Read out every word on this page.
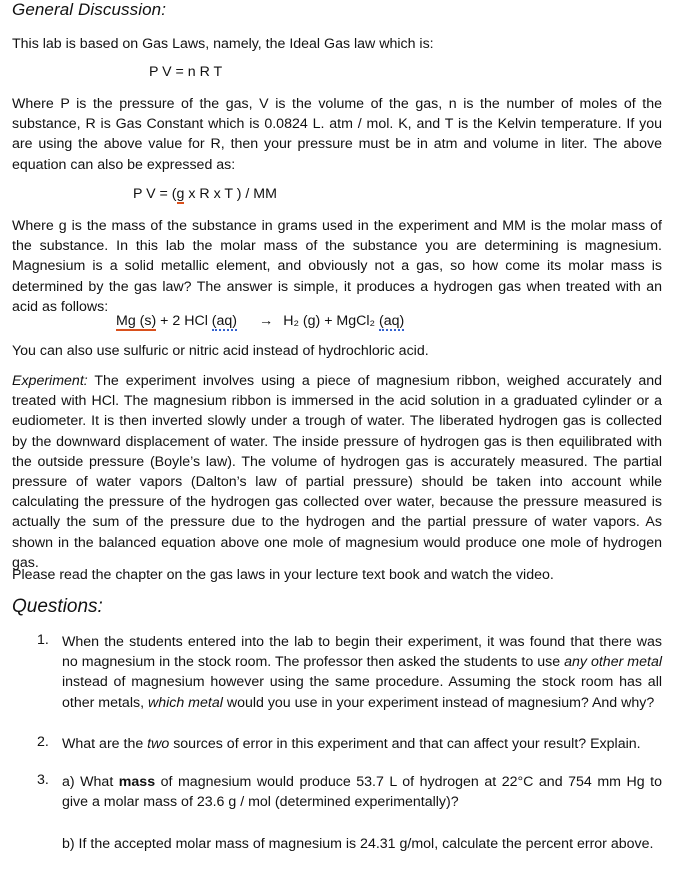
General Discussion:

This lab is based on Gas Laws, namely, the Ideal Gas law which is:

P V = n R T

Where P is the pressure of the gas, V is the volume of the gas, n is the number of moles of the substance, R is Gas Constant which is 0.0824 L. atm / mol. K, and T is the Kelvin temperature. If you are using the above value for R, then your pressure must be in atm and volume in liter. The above equation can also be expressed as:

P V = (g x R x T ) / MM

Where g is the mass of the substance in grams used in the experiment and MM is the molar mass of the substance. In this lab the molar mass of the substance you are determining is magnesium. Magnesium is a solid metallic element, and obviously not a gas, so how come its molar mass is determined by the gas law? The answer is simple, it produces a hydrogen gas when treated with an acid as follows:

Mg (s) + 2 HCl (aq) → H₂ (g) + MgCl₂ (aq)

You can also use sulfuric or nitric acid instead of hydrochloric acid.

Experiment: The experiment involves using a piece of magnesium ribbon, weighed accurately and treated with HCl. The magnesium ribbon is immersed in the acid solution in a graduated cylinder or a eudiometer. It is then inverted slowly under a trough of water. The liberated hydrogen gas is collected by the downward displacement of water. The inside pressure of hydrogen gas is then equilibrated with the outside pressure (Boyle’s law). The volume of hydrogen gas is accurately measured. The partial pressure of water vapors (Dalton’s law of partial pressure) should be taken into account while calculating the pressure of the hydrogen gas collected over water, because the pressure measured is actually the sum of the pressure due to the hydrogen and the partial pressure of water vapors. As shown in the balanced equation above one mole of magnesium would produce one mole of hydrogen gas.

Please read the chapter on the gas laws in your lecture text book and watch the video.

Questions:
1. When the students entered into the lab to begin their experiment, it was found that there was no magnesium in the stock room. The professor then asked the students to use any other metal instead of magnesium however using the same procedure. Assuming the stock room has all other metals, which metal would you use in your experiment instead of magnesium? And why?

2. What are the two sources of error in this experiment and that can affect your result? Explain.

3. a) What mass of magnesium would produce 53.7 L of hydrogen at 22°C and 754 mm Hg to give a molar mass of 23.6 g / mol (determined experimentally)?

b) If the accepted molar mass of magnesium is 24.31 g/mol, calculate the percent error above.
